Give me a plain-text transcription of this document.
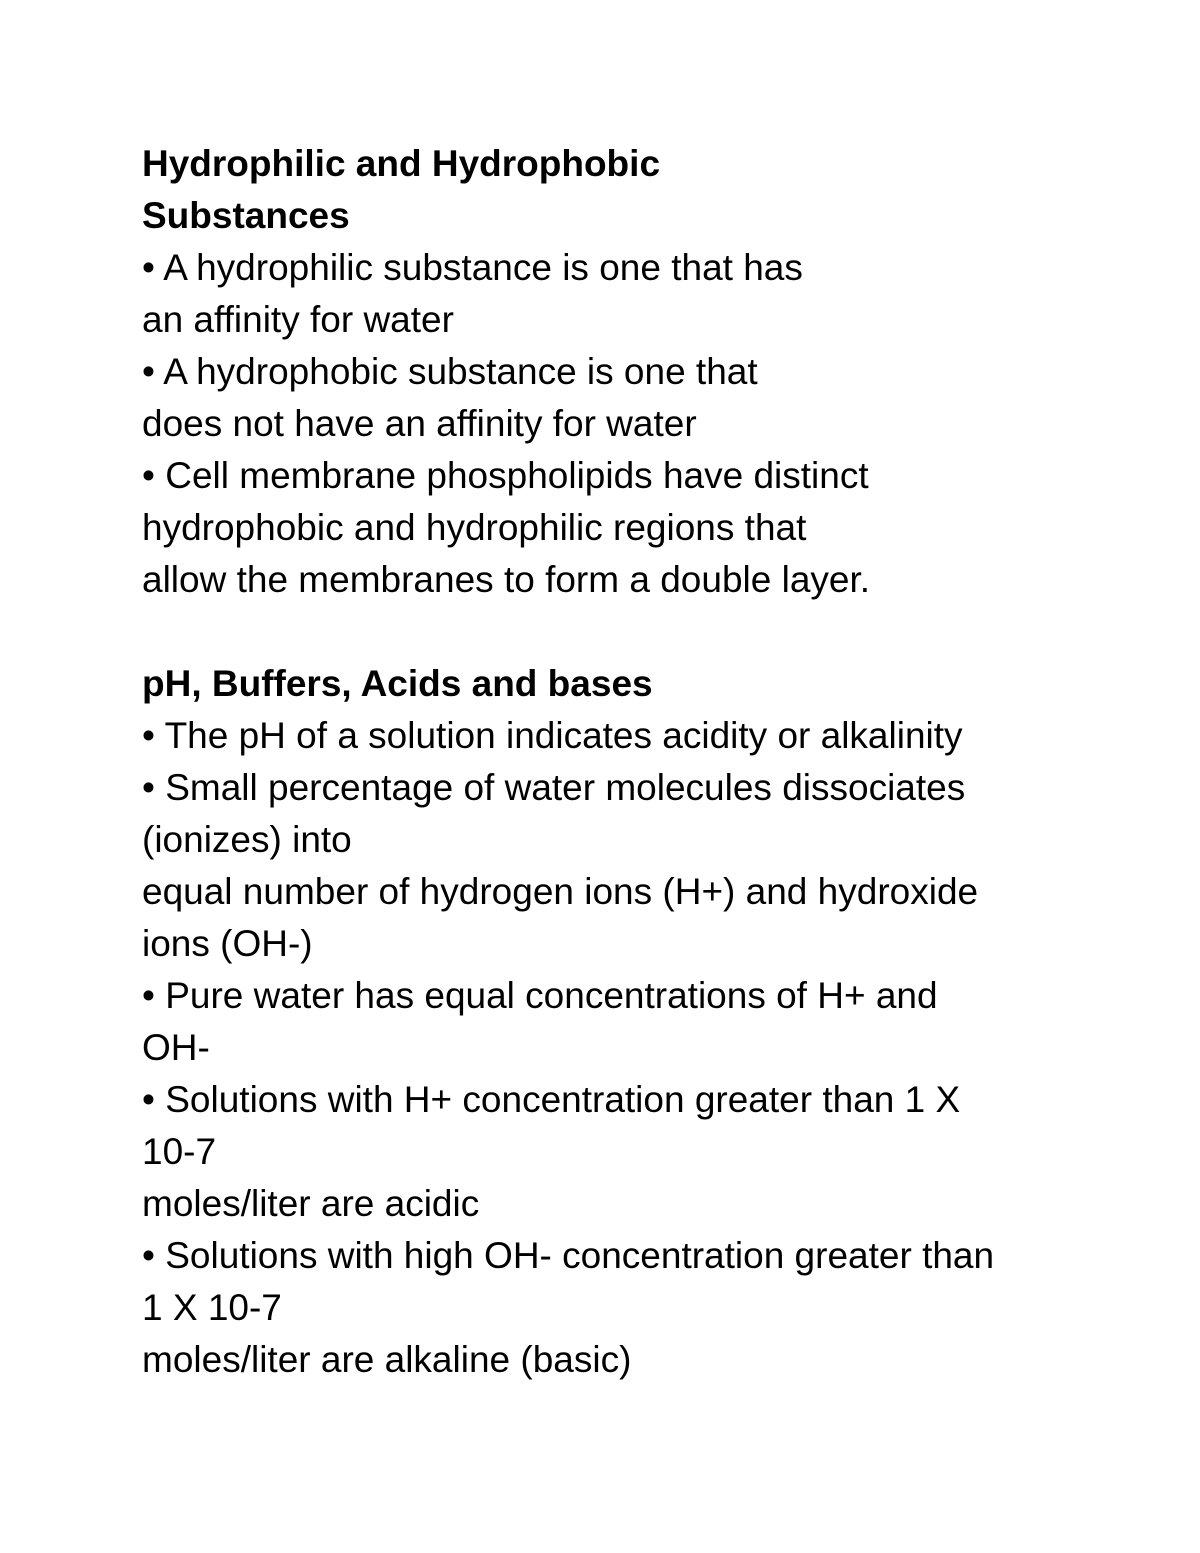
Hydrophilic and Hydrophobic
Substances
• A hydrophilic substance is one that has
an affinity for water
• A hydrophobic substance is one that
does not have an affinity for water
• Cell membrane phospholipids have distinct
hydrophobic and hydrophilic regions that
allow the membranes to form a double layer.
pH, Buffers, Acids and bases
• The pH of a solution indicates acidity or alkalinity
• Small percentage of water molecules dissociates
(ionizes) into
equal number of hydrogen ions (H+) and hydroxide
ions (OH-)
• Pure water has equal concentrations of H+ and
OH-
• Solutions with H+ concentration greater than 1 X
10-7
moles/liter are acidic
• Solutions with high OH- concentration greater than
1 X 10-7
moles/liter are alkaline (basic)
